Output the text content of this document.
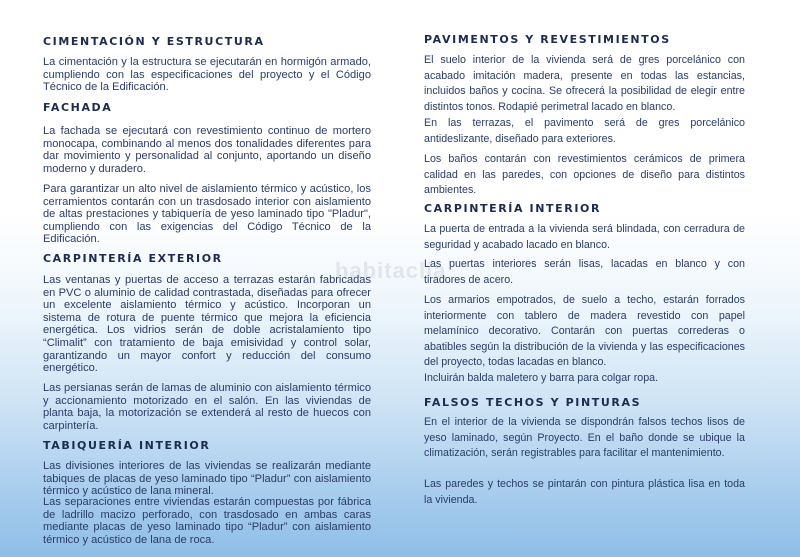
habitaclia
CIMENTACIÓN Y ESTRUCTURA

La cimentación y la estructura se ejecutarán en hormigón armado, cumpliendo con las especificaciones del proyecto y el Código Técnico de la Edificación.

FACHADA

La fachada se ejecutará con revestimiento continuo de mortero monocapa, combinando al menos dos tonalidades diferentes para dar movimiento y personalidad al conjunto, aportando un diseño moderno y duradero.

Para garantizar un alto nivel de aislamiento térmico y acústico, los cerramientos contarán con un trasdosado interior con aislamiento de altas prestaciones y tabiquería de yeso laminado tipo "Pladur", cumpliendo con las exigencias del Código Técnico de la Edificación.

CARPINTERÍA EXTERIOR

Las ventanas y puertas de acceso a terrazas estarán fabricadas en PVC o aluminio de calidad contrastada, diseñadas para ofrecer un excelente aislamiento térmico y acústico. Incorporan un sistema de rotura de puente térmico que mejora la eficiencia energética. Los vidrios serán de doble acristalamiento tipo “Climalit” con tratamiento de baja emisividad y control solar, garantizando un mayor confort y reducción del consumo energético.

Las persianas serán de lamas de aluminio con aislamiento térmico y accionamiento motorizado en el salón. En las viviendas de planta baja, la motorización se extenderá al resto de huecos con carpintería.

TABIQUERÍA INTERIOR

Las divisiones interiores de las viviendas se realizarán mediante tabiques de placas de yeso laminado tipo “Pladur” con aislamiento térmico y acústico de lana mineral.

Las separaciones entre viviendas estarán compuestas por fábrica de ladrillo macizo perforado, con trasdosado en ambas caras mediante placas de yeso laminado tipo “Pladur” con aislamiento térmico y acústico de lana de roca.

PAVIMENTOS Y REVESTIMIENTOS

El suelo interior de la vivienda será de gres porcelánico con acabado imitación madera, presente en todas las estancias, incluidos baños y cocina. Se ofrecerá la posibilidad de elegir entre distintos tonos. Rodapié perimetral lacado en blanco.

En las terrazas, el pavimento será de gres porcelánico antideslizante, diseñado para exteriores.

Los baños contarán con revestimientos cerámicos de primera calidad en las paredes, con opciones de diseño para distintos ambientes.

CARPINTERÍA INTERIOR

La puerta de entrada a la vivienda será blindada, con cerradura de seguridad y acabado lacado en blanco.

Las puertas interiores serán lisas, lacadas en blanco y con tiradores de acero.

Los armarios empotrados, de suelo a techo, estarán forrados interiormente con tablero de madera revestido con papel melamínico decorativo. Contarán con puertas correderas o abatibles según la distribución de la vivienda y las especificaciones del proyecto, todas lacadas en blanco.

Incluirán balda maletero y barra para colgar ropa.

FALSOS TECHOS Y PINTURAS

En el interior de la vivienda se dispondrán falsos techos lisos de yeso laminado, según Proyecto. En el baño donde se ubique la climatización, serán registrables para facilitar el mantenimiento.

Las paredes y techos se pintarán con pintura plástica lisa en toda la vivienda.
